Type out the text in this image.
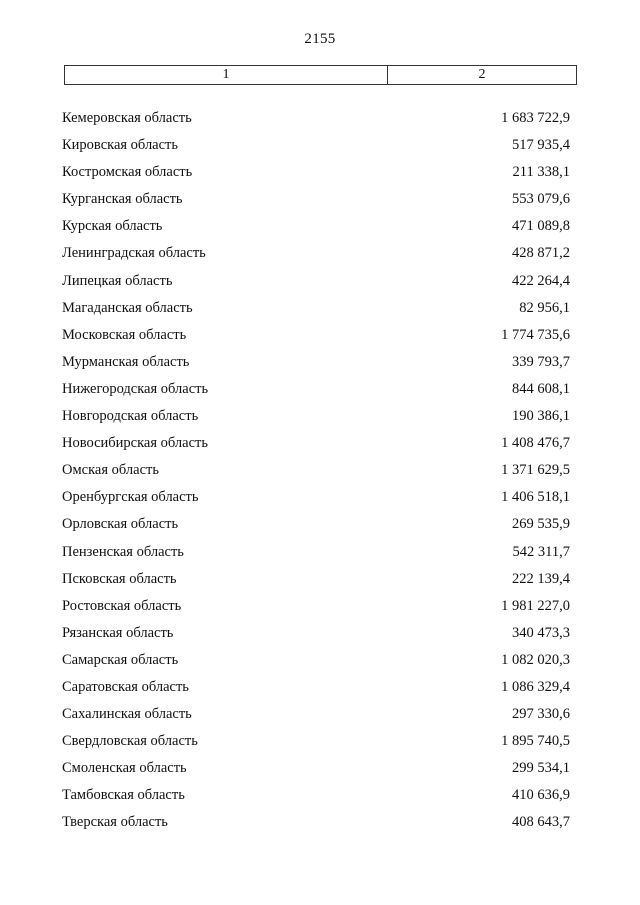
2155
1	2
Кемеровская область	1 683 722,9
Кировская область	517 935,4
Костромская область	211 338,1
Курганская область	553 079,6
Курская область	471 089,8
Ленинградская область	428 871,2
Липецкая область	422 264,4
Магаданская область	82 956,1
Московская область	1 774 735,6
Мурманская область	339 793,7
Нижегородская область	844 608,1
Новгородская область	190 386,1
Новосибирская область	1 408 476,7
Омская область	1 371 629,5
Оренбургская область	1 406 518,1
Орловская область	269 535,9
Пензенская область	542 311,7
Псковская область	222 139,4
Ростовская область	1 981 227,0
Рязанская область	340 473,3
Самарская область	1 082 020,3
Саратовская область	1 086 329,4
Сахалинская область	297 330,6
Свердловская область	1 895 740,5
Смоленская область	299 534,1
Тамбовская область	410 636,9
Тверская область	408 643,7
